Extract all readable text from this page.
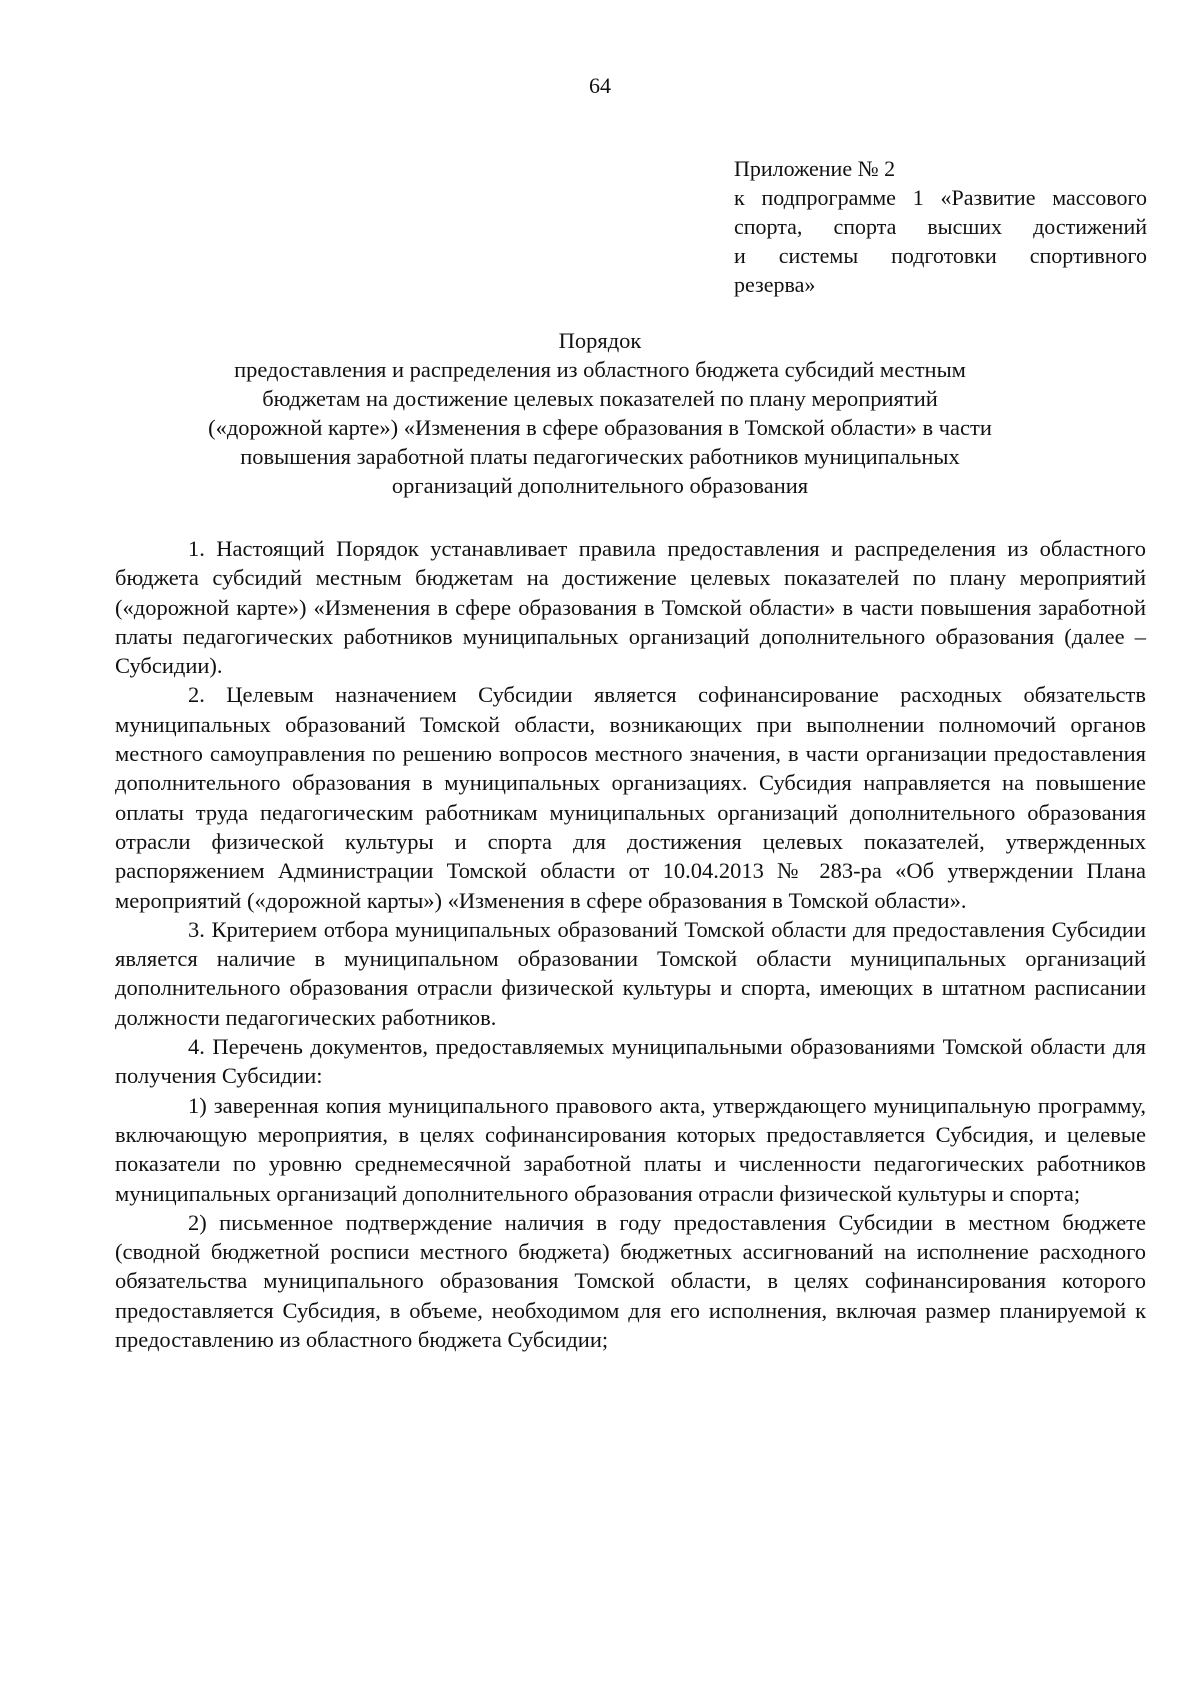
64
Приложение № 2
к подпрограмме 1 «Развитие массового
спорта, спорта высших достижений
и системы подготовки спортивного
резерва»
Порядок
предоставления и распределения из областного бюджета субсидий местным
бюджетам на достижение целевых показателей по плану мероприятий
(«дорожной карте») «Изменения в сфере образования в Томской области» в части
повышения заработной платы педагогических работников муниципальных
организаций дополнительного образования

1. Настоящий Порядок устанавливает правила предоставления и распределения из областного бюджета субсидий местным бюджетам на достижение целевых показателей по плану мероприятий («дорожной карте») «Изменения в сфере образования в Томской области» в части повышения заработной платы педагогических работников муниципальных организаций дополнительного образования (далее – Субсидии).

2. Целевым назначением Субсидии является софинансирование расходных обязательств муниципальных образований Томской области, возникающих при выполнении полномочий органов местного самоуправления по решению вопросов местного значения, в части организации предоставления дополнительного образования в муниципальных организациях. Субсидия направляется на повышение оплаты труда педагогическим работникам муниципальных организаций дополнительного образования отрасли физической культуры и спорта для достижения целевых показателей, утвержденных распоряжением Администрации Томской области от 10.04.2013 № 283-ра «Об утверждении Плана мероприятий («дорожной карты») «Изменения в сфере образования в Томской области».

3. Критерием отбора муниципальных образований Томской области для предоставления Субсидии является наличие в муниципальном образовании Томской области муниципальных организаций дополнительного образования отрасли физической культуры и спорта, имеющих в штатном расписании должности педагогических работников.

4. Перечень документов, предоставляемых муниципальными образованиями Томской области для получения Субсидии:

1) заверенная копия муниципального правового акта, утверждающего муниципальную программу, включающую мероприятия, в целях софинансирования которых предоставляется Субсидия, и целевые показатели по уровню среднемесячной заработной платы и численности педагогических работников муниципальных организаций дополнительного образования отрасли физической культуры и спорта;

2) письменное подтверждение наличия в году предоставления Субсидии в местном бюджете (сводной бюджетной росписи местного бюджета) бюджетных ассигнований на исполнение расходного обязательства муниципального образования Томской области, в целях софинансирования которого предоставляется Субсидия, в объеме, необходимом для его исполнения, включая размер планируемой к предоставлению из областного бюджета Субсидии;
